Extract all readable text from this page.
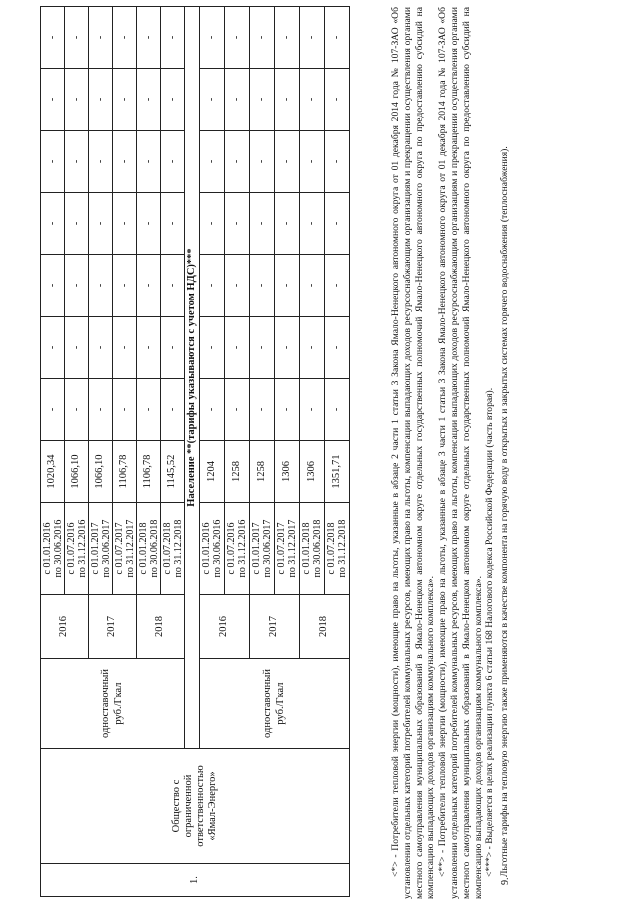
1.	Общество с ограниченной ответственностью «Ямал-Энерго»	одноставочный руб./Гкал	2016	с 01.01.2016 по 30.06.2016	1020,34	-	-	-	-	-	-	-

				с 01.07.2016 по 31.12.2016	1066,10	-	-	-	-	-	-	-
			2017	с 01.01.2017 по 30.06.2017	1066,10	-	-	-	-	-	-	-

				с 01.07.2017 по 31.12.2017	1106,78	-	-	-	-	-	-	-
			2018	с 01.01.2018 по 30.06.2018	1106,78	-	-	-	-	-	-	-

				с 01.07.2018 по 31.12.2018	1145,52	-	-	-	-	-	-	-
		Население **(тарифы указываются с учетом НДС)***										
		одноставочный руб./Гкал	2016	с 01.01.2016 по 30.06.2016	1204	-	-	-	-	-	-	-

				с 01.07.2016 по 31.12.2016	1258	-	-	-	-	-	-	-
			2017	с 01.01.2017 по 30.06.2017	1258	-	-	-	-	-	-	-

				с 01.07.2017 по 31.12.2017	1306	-	-	-	-	-	-	-
			2018	с 01.01.2018 по 30.06.2018	1306	-	-	-	-	-	-	-

				с 01.07.2018 по 31.12.2018	1351,71	-	-	-	-	-	-	-	<*> - Потребители тепловой энергии (мощности), имеющие право на льготы, указанные в абзаце 2 части 1 статьи 3 Закона Ямало-Ненецкого автономного округа от 01 декабря 2014 года № 107-ЗАО «Об установлении отдельных категорий потребителей коммунальных ресурсов, имеющих право на льготы, компенсации выпадающих доходов ресурсоснабжающим организациям и прекращении осуществления органами местного самоуправления муниципальных образований в Ямало-Ненецком автономном округе отдельных государственных полномочий Ямало-Ненецкого автономного округа по предоставлению субсидий на компенсацию выпадающих доходов организациям коммунального комплекса». <**> - Потребители тепловой энергии (мощности), имеющие право на льготы, указанные в абзаце 3 части 1 статьи 3 Закона Ямало-Ненецкого автономного округа от 01 декабря 2014 года № 107-ЗАО «Об установлении отдельных категорий потребителей коммунальных ресурсов, имеющих право на льготы, компенсации выпадающих доходов ресурсоснабжающим организациям и прекращении осуществления органами местного самоуправления муниципальных образований в Ямало-Ненецком автономном округе отдельных государственных полномочий Ямало-Ненецкого автономного округа по предоставлению субсидий на компенсацию выпадающих доходов организациям коммунального комплекса». <***> - Выделяется в целях реализации пункта 6 статьи 168 Налогового кодекса Российской Федерации (часть вторая). Льготные тарифы на тепловую энергию также применяются в качестве компонента на горячую воду в открытых и закрытых системах горячего водоснабжения (теплоснабжения).

9.
